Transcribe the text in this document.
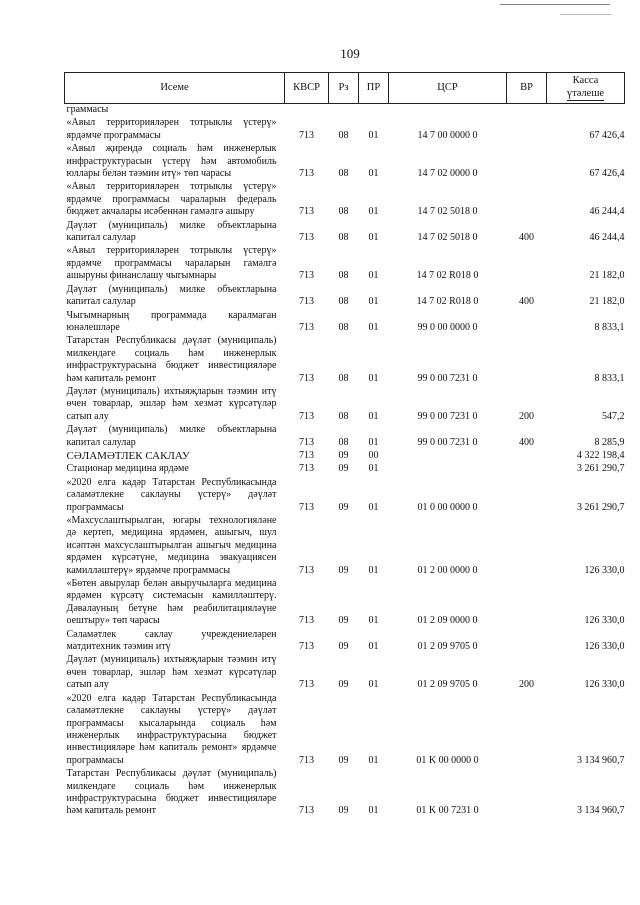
109
Исеме	КВСР	Рз	ПР	ЦСР	ВР	Касса
үтәлеше

граммасы						
«Авыл территорияләрен тотрыклы үстерү» ярдәмче программасы	713	08	01	14 7 00 0000 0		67 426,4
«Авыл җирендә социаль һәм инженерлык инфраструктурасын үстерү һәм автомобиль юллары белән тәэмин итү» төп чарасы	713	08	01	14 7 02 0000 0		67 426,4
«Авыл территорияләрен тотрыклы үстерү» ярдәмче программасы чараларын федераль бюджет акчалары исәбеннән гамәлгә ашыру	713	08	01	14 7 02 5018 0		46 244,4
Дәүләт (муниципаль) милке объектларына капитал салулар	713	08	01	14 7 02 5018 0	400	46 244,4
«Авыл территорияләрен тотрыклы үстерү» ярдәмче программасы чараларын гамәлгә ашыруны финанслашу чыгымнары	713	08	01	14 7 02 R018 0		21 182,0
Дәүләт (муниципаль) милке объектларына капитал салулар	713	08	01	14 7 02 R018 0	400	21 182,0
Чыгымнарның программада каралмаган юнәлешләре	713	08	01	99 0 00 0000 0		8 833,1
Татарстан Республикасы дәүләт (муниципаль) милкендәге социаль һәм инженерлык инфраструктурасына бюджет инвестицияләре һәм капиталь ремонт	713	08	01	99 0 00 7231 0		8 833,1
Дәүләт (муниципаль) ихтыяҗларын тәэмин итү өчен товарлар, эшләр һәм хезмәт күрсәтүләр сатып алу	713	08	01	99 0 00 7231 0	200	547,2
Дәүләт (муниципаль) милке объектларына капитал салулар	713	08	01	99 0 00 7231 0	400	8 285,9
СӘЛАМӘТЛЕК САКЛАУ	713	09	00			4 322 198,4
Стационар медицина ярдәме	713	09	01			3 261 290,7
«2020 елга кадәр Татарстан Республикасында сәламәтлекне саклауны үстерү» дәүләт программасы	713	09	01	01 0 00 0000 0		3 261 290,7
«Махсуслаштырылган, югары технологияләне дә кертеп, медицина ярдәмен, ашыгыч, шул исәптән махсуслаштырылган ашыгыч медицина ярдәмен күрсәтүне, медицина эвакуациясен камилләштерү» ярдәмче программасы	713	09	01	01 2 00 0000 0		126 330,0
«Бөтен авырулар белән авыручыларга медицина ярдәмен күрсәтү системасын камилләштерү. Дәвалауның бетүне һәм реабилитацияләүне оештыру» төп чарасы	713	09	01	01 2 09 0000 0		126 330,0
Сәламәтлек саклау учреждениеләрен матдитехник тәэмин итү	713	09	01	01 2 09 9705 0		126 330,0
Дәүләт (муниципаль) ихтыяҗларын тәэмин итү өчен товарлар, эшләр һәм хезмәт күрсәтүләр сатып алу	713	09	01	01 2 09 9705 0	200	126 330,0
«2020 елга кадәр Татарстан Республикасында сәламәтлекне саклауны үстерү» дәүләт программасы кысаларында социаль һәм инженерлык инфраструктурасына бюджет инвестицияләре һәм капиталь ремонт» ярдәмче программасы	713	09	01	01 K 00 0000 0		3 134 960,7
Татарстан Республикасы дәүләт (муниципаль) милкендәге социаль һәм инженерлык инфраструктурасына бюджет инвестицияләре һәм капиталь ремонт	713	09	01	01 K 00 7231 0		3 134 960,7
